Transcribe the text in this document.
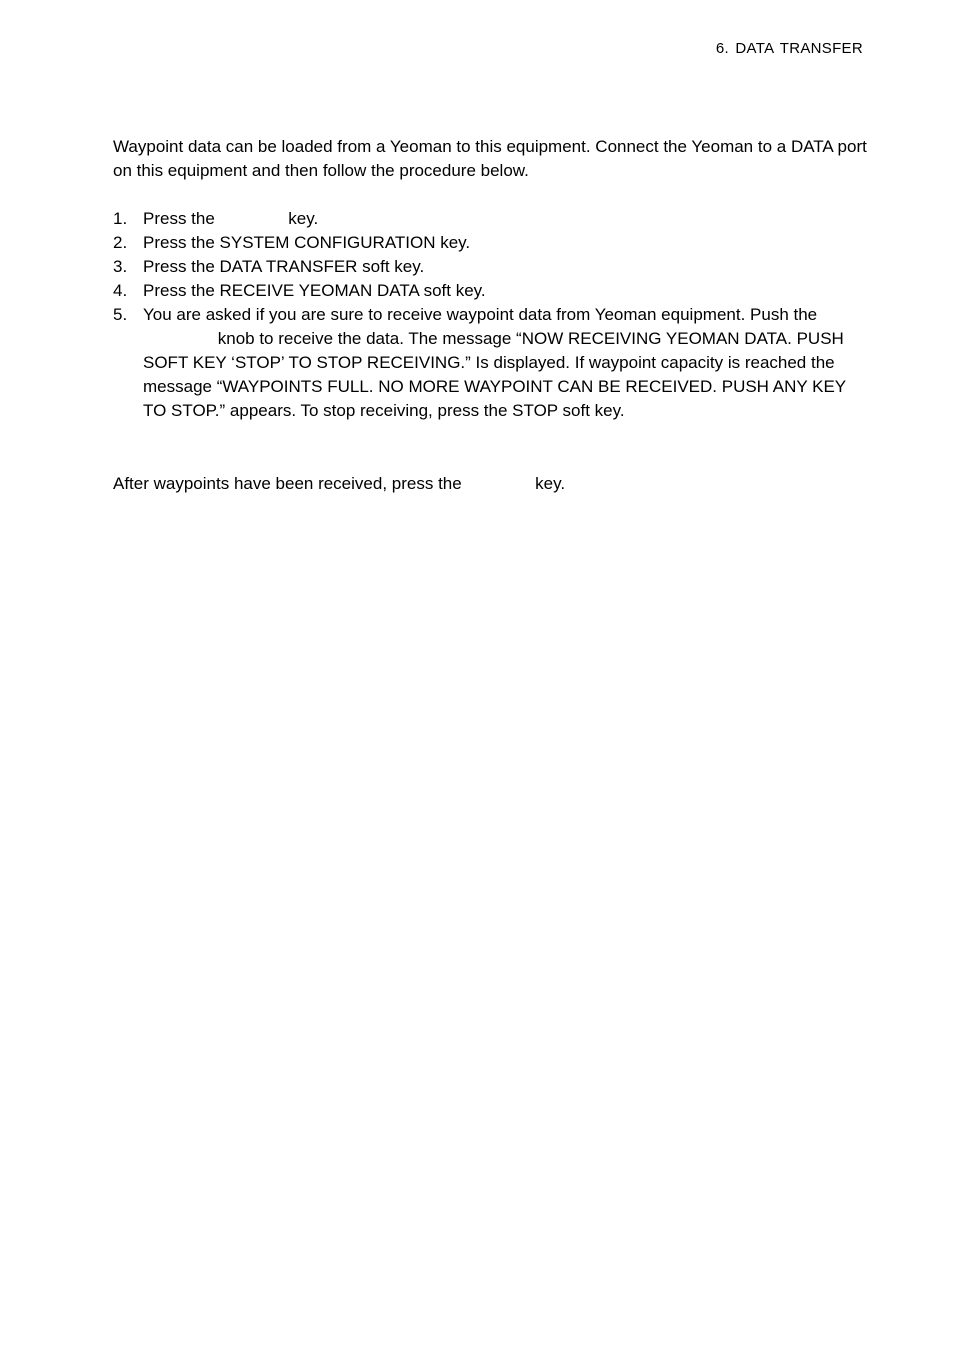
6. DATA TRANSFER

Waypoint data can be loaded from a Yeoman to this equipment. Connect the Yeoman to a DATA port on this equipment and then follow the procedure below.

1. Press the	key.
2. Press the SYSTEM CONFIGURATION key.
3. Press the DATA TRANSFER soft key.
4. Press the RECEIVE YEOMAN DATA soft key.
5. You are asked if you are sure to receive waypoint data from Yeoman equipment. Push the  knob to receive the data. The message “NOW RECEIVING YEOMAN DATA. PUSH SOFT KEY ‘STOP’ TO STOP RECEIVING.” Is displayed. If waypoint capacity is reached the message “WAYPOINTS FULL. NO MORE WAYPOINT CAN BE RECEIVED. PUSH ANY KEY TO STOP.” appears. To stop receiving, press the STOP soft key.

After waypoints have been received, press the	key.
